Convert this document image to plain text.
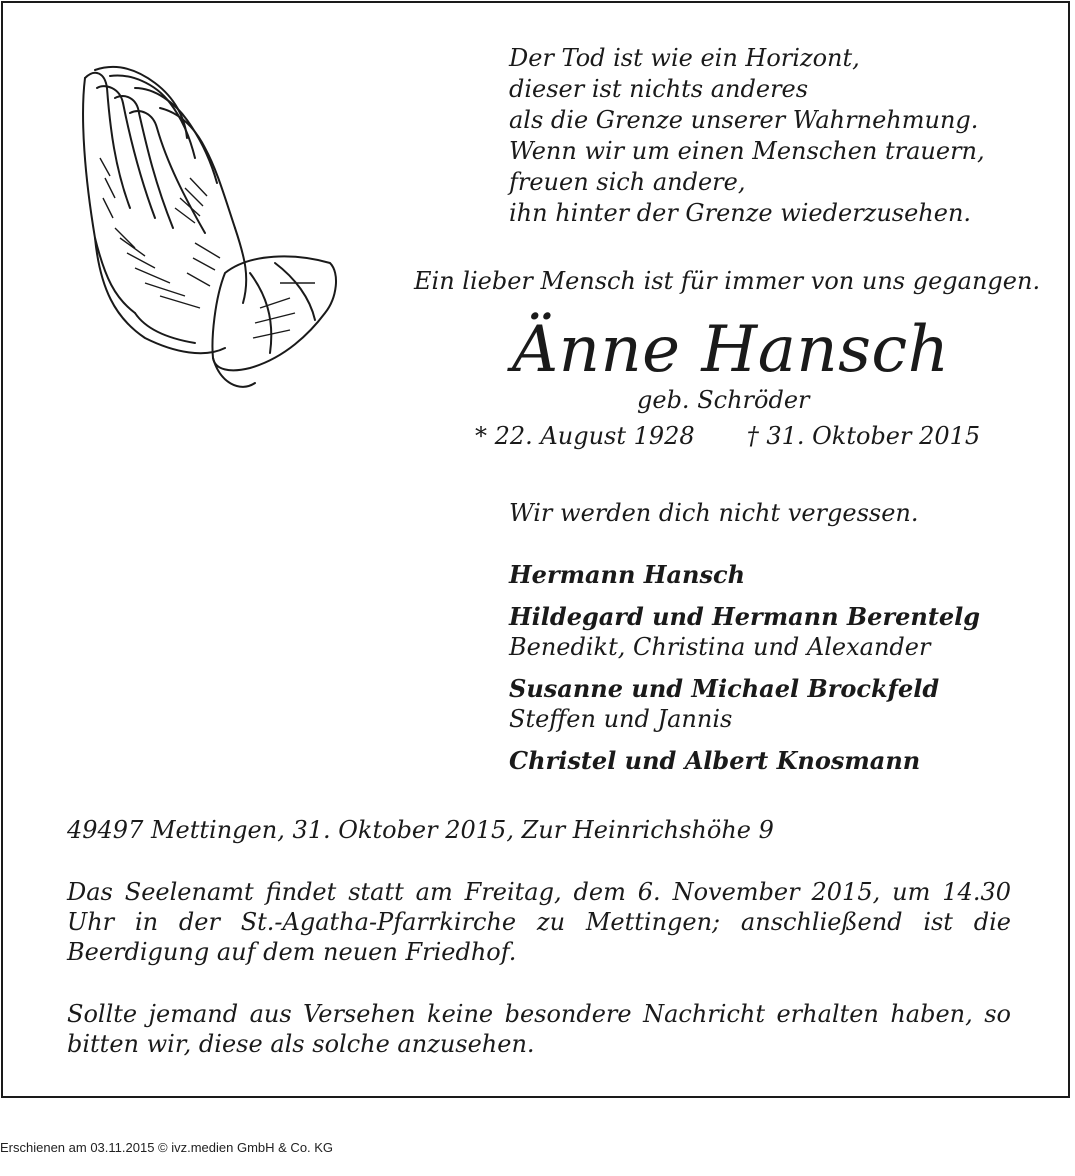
Der Tod ist wie ein Horizont,
dieser ist nichts anderes
als die Grenze unserer Wahrnehmung.
Wenn wir um einen Menschen trauern,
freuen sich andere,
ihn hinter der Grenze wiederzusehen.
Ein lieber Mensch ist für immer von uns gegangen.
Änne Hansch
geb. Schröder
* 22. August 1928 † 31. Oktober 2015
Wir werden dich nicht vergessen.
Hermann Hansch
Hildegard und Hermann Berentelg
Benedikt, Christina und Alexander
Susanne und Michael Brockfeld
Steffen und Jannis
Christel und Albert Knosmann
49497 Mettingen, 31. Oktober 2015, Zur Heinrichshöhe 9
Das Seelenamt findet statt am Freitag, dem 6. November 2015, um 14.30 Uhr in der St.-Agatha-Pfarrkirche zu Mettingen; anschließend ist die Beerdigung auf dem neuen Friedhof.
Sollte jemand aus Versehen keine besondere Nachricht erhalten haben, so bitten wir, diese als solche anzusehen.
Erschienen am 03.11.2015 © ivz.medien GmbH & Co. KG
